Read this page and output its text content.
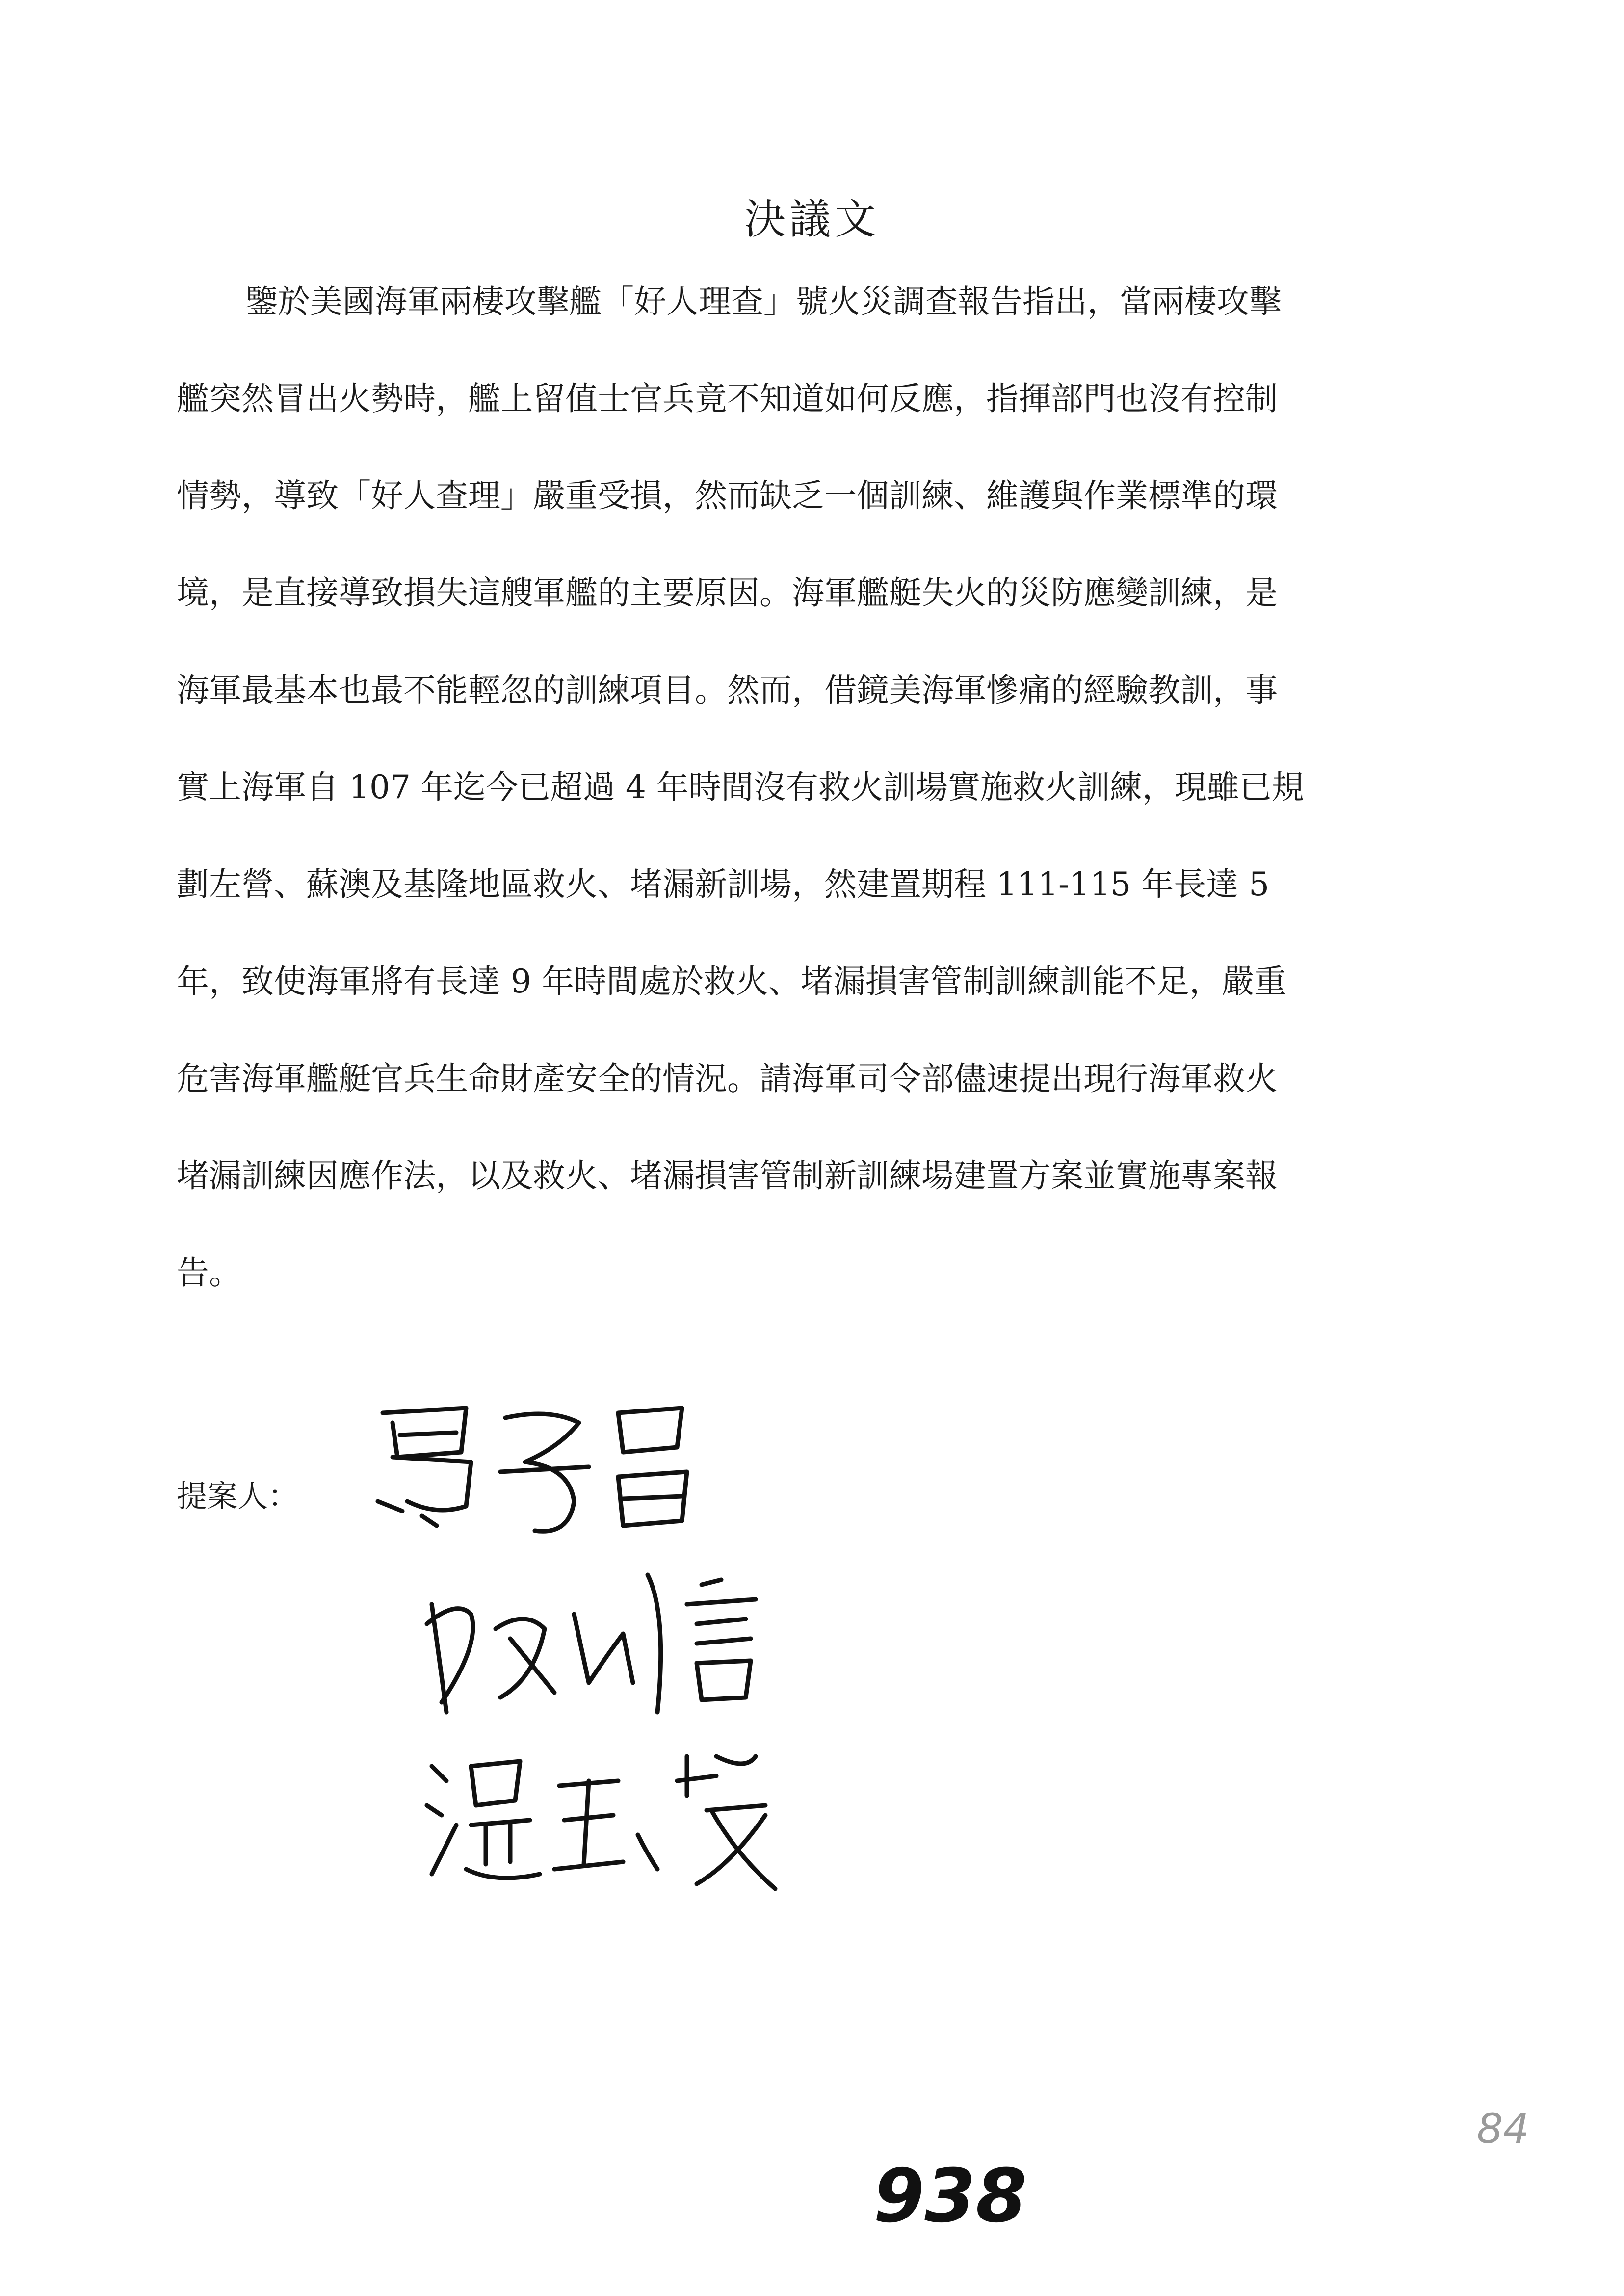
決議文
鑒於美國海軍兩棲攻擊艦「好人理查」號火災調查報告指出，當兩棲攻擊
艦突然冒出火勢時，艦上留值士官兵竟不知道如何反應，指揮部門也沒有控制
情勢，導致「好人查理」嚴重受損，然而缺乏一個訓練、維護與作業標準的環
境，是直接導致損失這艘軍艦的主要原因。海軍艦艇失火的災防應變訓練，是
海軍最基本也最不能輕忽的訓練項目。然而，借鏡美海軍慘痛的經驗教訓，事
實上海軍自 107 年迄今已超過 4 年時間沒有救火訓場實施救火訓練，現雖已規
劃左營、蘇澳及基隆地區救火、堵漏新訓場，然建置期程 111-115 年長達 5
年，致使海軍將有長達 9 年時間處於救火、堵漏損害管制訓練訓能不足，嚴重
危害海軍艦艇官兵生命財產安全的情況。請海軍司令部儘速提出現行海軍救火
堵漏訓練因應作法，以及救火、堵漏損害管制新訓練場建置方案並實施專案報
告。
提案人：
938
84
